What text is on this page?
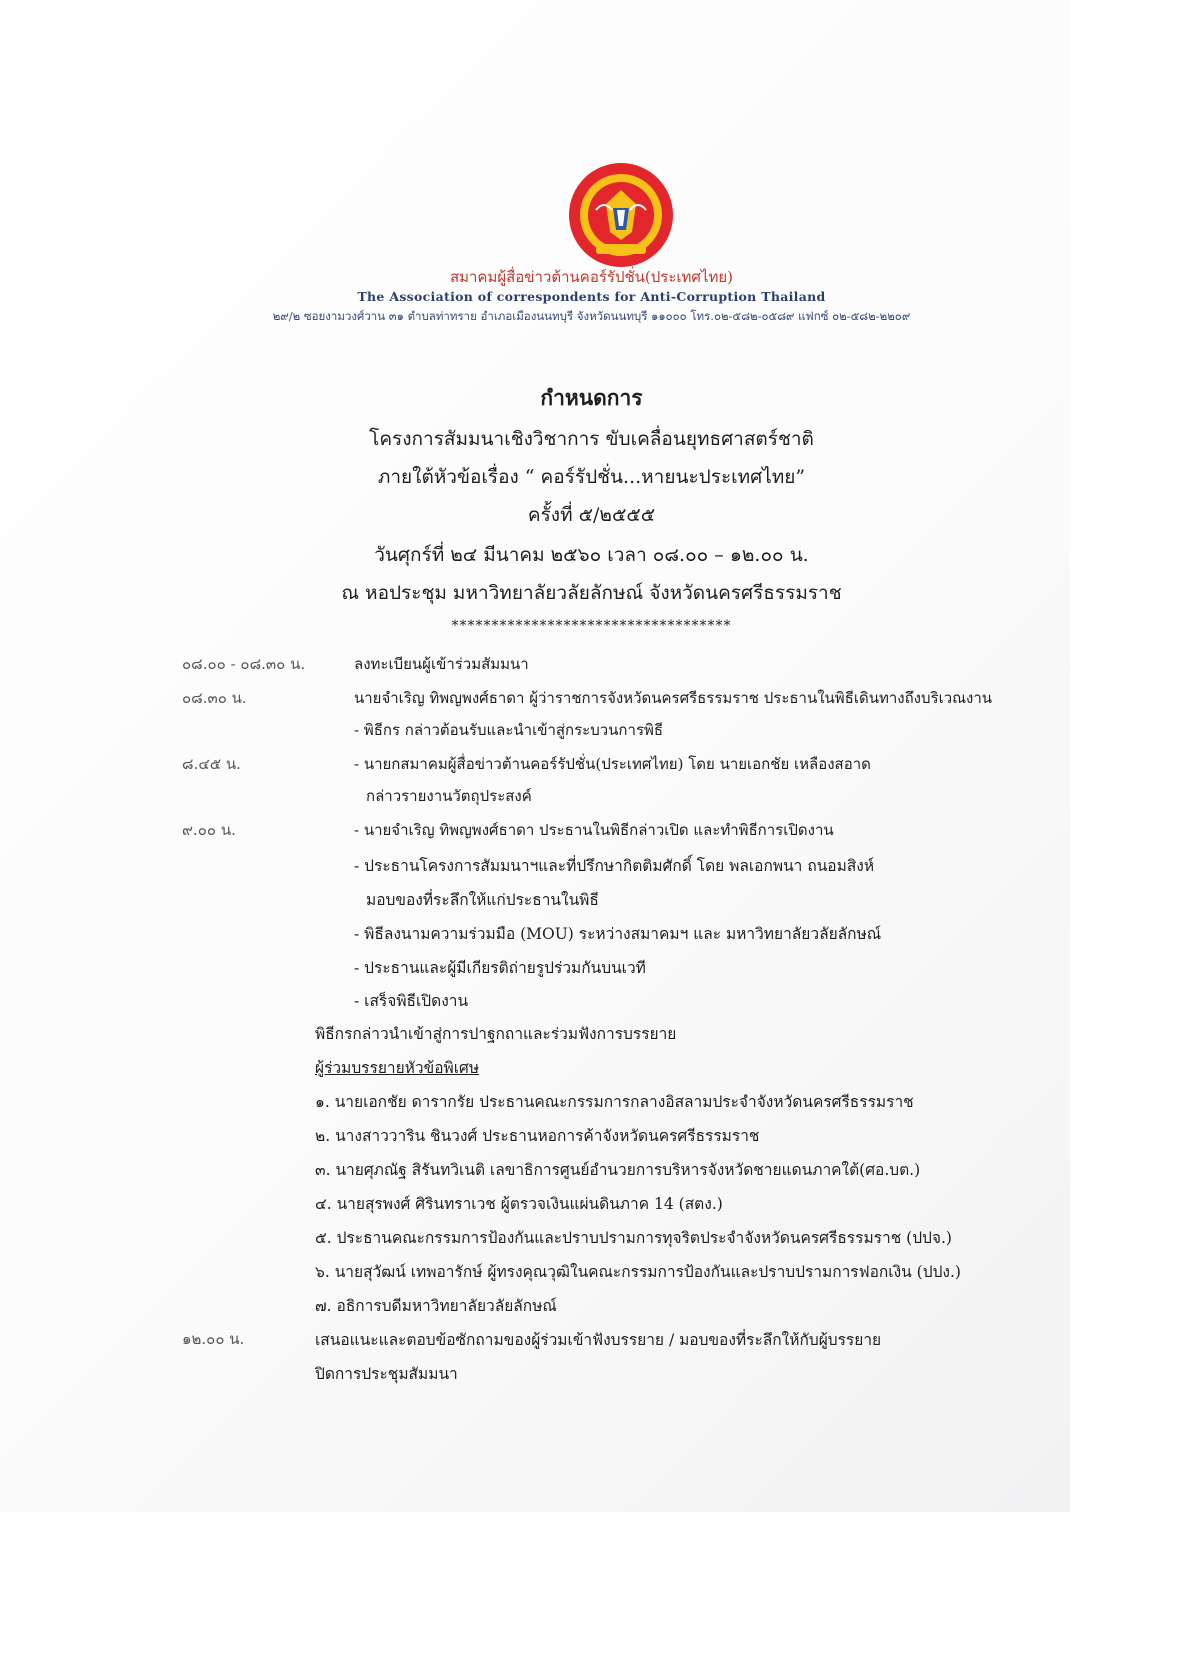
สมาคมผู้สื่อข่าวต้านคอร์รัปชั่น(ประเทศไทย)
The Association of correspondents for Anti-Corruption Thailand
๒๙/๒ ซอยงามวงศ์วาน ๓๑ ตำบลท่าทราย อำเภอเมืองนนทบุรี จังหวัดนนทบุรี ๑๑๐๐๐ โทร.๐๒-๕๘๒-๐๕๘๙ แฟกซ์ ๐๒-๕๘๒-๒๒๐๙
กำหนดการ
โครงการสัมมนาเชิงวิชาการ ขับเคลื่อนยุทธศาสตร์ชาติ
ภายใต้หัวข้อเรื่อง “ คอร์รัปชั่น...หายนะประเทศไทย”
ครั้งที่ ๕/๒๕๕๕
วันศุกร์ที่ ๒๔ มีนาคม ๒๕๖๐ เวลา ๐๘.๐๐ – ๑๒.๐๐ น.
ณ หอประชุม มหาวิทยาลัยวลัยลักษณ์ จังหวัดนครศรีธรรมราช
***********************************
๐๘.๐๐ - ๐๘.๓๐ น.	ลงทะเบียนผู้เข้าร่วมสัมมนา
๐๘.๓๐ น.	นายจำเริญ ทิพญพงศ์ธาดา ผู้ว่าราชการจังหวัดนครศรีธรรมราช ประธานในพิธีเดินทางถึงบริเวณงาน
- พิธีกร กล่าวต้อนรับและนำเข้าสู่กระบวนการพิธี
๘.๔๕ น.	- นายกสมาคมผู้สื่อข่าวต้านคอร์รัปชั่น(ประเทศไทย) โดย นายเอกชัย เหลืองสอาด
กล่าวรายงานวัตถุประสงค์
๙.๐๐ น.	- นายจำเริญ ทิพญพงศ์ธาดา ประธานในพิธีกล่าวเปิด และทำพิธีการเปิดงาน
- ประธานโครงการสัมมนาฯและที่ปรึกษากิตติมศักดิ์ โดย พลเอกพนา ถนอมสิงห์
มอบของที่ระลึกให้แก่ประธานในพิธี
- พิธีลงนามความร่วมมือ (MOU) ระหว่างสมาคมฯ และ มหาวิทยาลัยวลัยลักษณ์
- ประธานและผู้มีเกียรติถ่ายรูปร่วมกันบนเวที
- เสร็จพิธีเปิดงาน
พิธีกรกล่าวนำเข้าสู่การปาฐกถาและร่วมฟังการบรรยาย
ผู้ร่วมบรรยายหัวข้อพิเศษ
๑. นายเอกชัย ดารากรัย ประธานคณะกรรมการกลางอิสลามประจำจังหวัดนครศรีธรรมราช
๒. นางสาววาริน ชินวงศ์ ประธานหอการค้าจังหวัดนครศรีธรรมราช
๓. นายศุภณัฐ สิรันทวิเนติ เลขาธิการศูนย์อำนวยการบริหารจังหวัดชายแดนภาคใต้(ศอ.บต.)
๔. นายสุรพงศ์ ศิรินทราเวช ผู้ตรวจเงินแผ่นดินภาค 14 (สตง.)
๕. ประธานคณะกรรมการป้องกันและปราบปรามการทุจริตประจำจังหวัดนครศรีธรรมราช (ปปจ.)
๖. นายสุวัฒน์ เทพอารักษ์ ผู้ทรงคุณวุฒิในคณะกรรมการป้องกันและปราบปรามการฟอกเงิน (ปปง.)
๗. อธิการบดีมหาวิทยาลัยวลัยลักษณ์
๑๒.๐๐ น.	เสนอแนะและตอบข้อซักถามของผู้ร่วมเข้าฟังบรรยาย / มอบของที่ระลึกให้กับผู้บรรยาย
ปิดการประชุมสัมมนา
